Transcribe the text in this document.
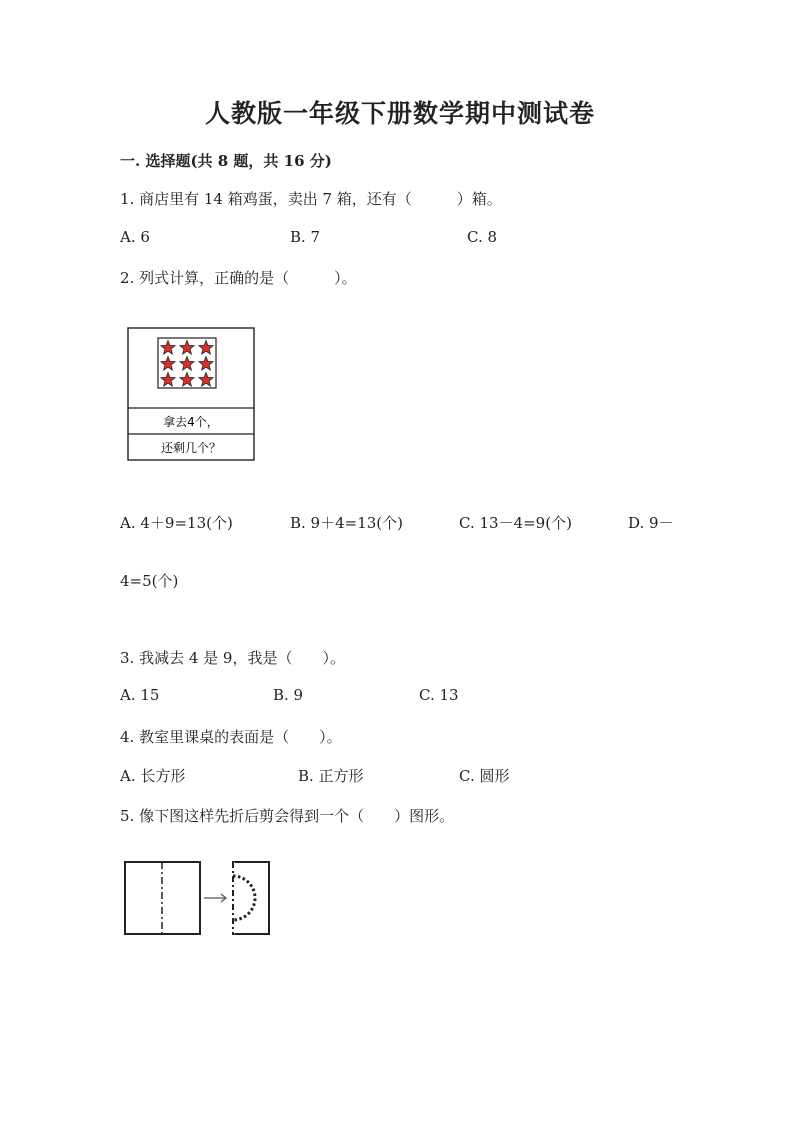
人教版一年级下册数学期中测试卷
一. 选择题(共 8 题，共 16 分)
1. 商店里有 14 箱鸡蛋，卖出 7 箱，还有（　　　）箱。
A. 6	B. 7	C. 8
2. 列式计算，正确的是（　　　）。
拿去4个，
还剩几个？
A. 4＋9=13(个)	B. 9＋4=13(个)	C. 13－4=9(个)	D. 9－
4=5(个)
3. 我减去 4 是 9，我是（　　）。
A. 15	B. 9	C. 13
4. 教室里课桌的表面是（　　）。
A. 长方形	B. 正方形	C. 圆形
5. 像下图这样先折后剪会得到一个（　　）图形。
